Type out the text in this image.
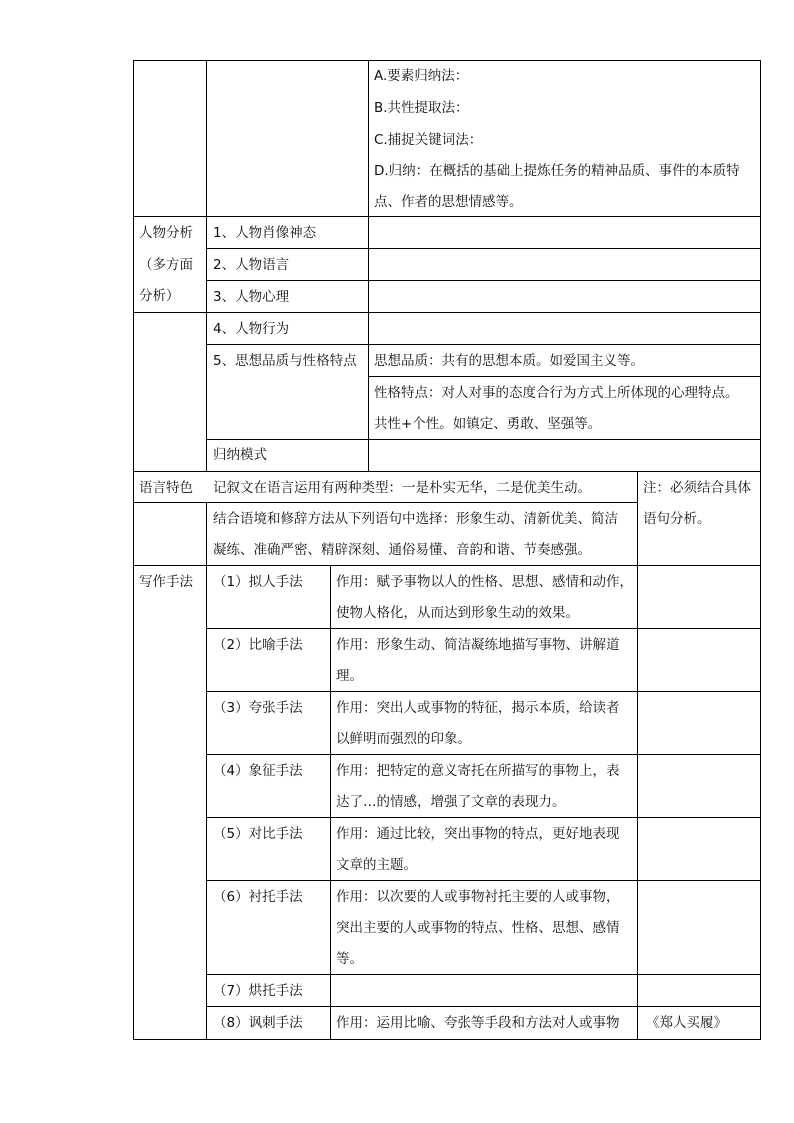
A.要素归纳法：
B.共性提取法：
C.捕捉关键词法：
D.归纳：在概括的基础上提炼任务的精神品质、事件的本质特
点、作者的思想情感等。
人物分析
（多方面
分析）
1、人物肖像神态
2、人物语言
3、人物心理
4、人物行为
5、思想品质与性格特点
归纳模式
思想品质：共有的思想本质。如爱国主义等。
性格特点：对人对事的态度合行为方式上所体现的心理特点。
共性+个性。如镇定、勇敢、坚强等。
语言特色 记叙文在语言运用有两种类型：一是朴实无华，二是优美生动。
结合语境和修辞方法从下列语句中选择：形象生动、清新优美、简洁
凝练、准确严密、精辟深刻、通俗易懂、音韵和谐、节奏感强。
注：必须结合具体
语句分析。
写作手法 （1）拟人手法 作用：赋予事物以人的性格、思想、感情和动作，
使物人格化，从而达到形象生动的效果。
（2）比喻手法 作用：形象生动、简洁凝练地描写事物、讲解道
理。
（3）夸张手法 作用：突出人或事物的特征，揭示本质，给读者
以鲜明而强烈的印象。
（4）象征手法 作用：把特定的意义寄托在所描写的事物上，表
达了…的情感，增强了文章的表现力。
（5）对比手法 作用：通过比较，突出事物的特点，更好地表现
文章的主题。
（6）衬托手法 作用：以次要的人或事物衬托主要的人或事物，
突出主要的人或事物的特点、性格、思想、感情
等。
（7）烘托手法
（8）讽刺手法 作用：运用比喻、夸张等手段和方法对人或事物 《郑人买履》
